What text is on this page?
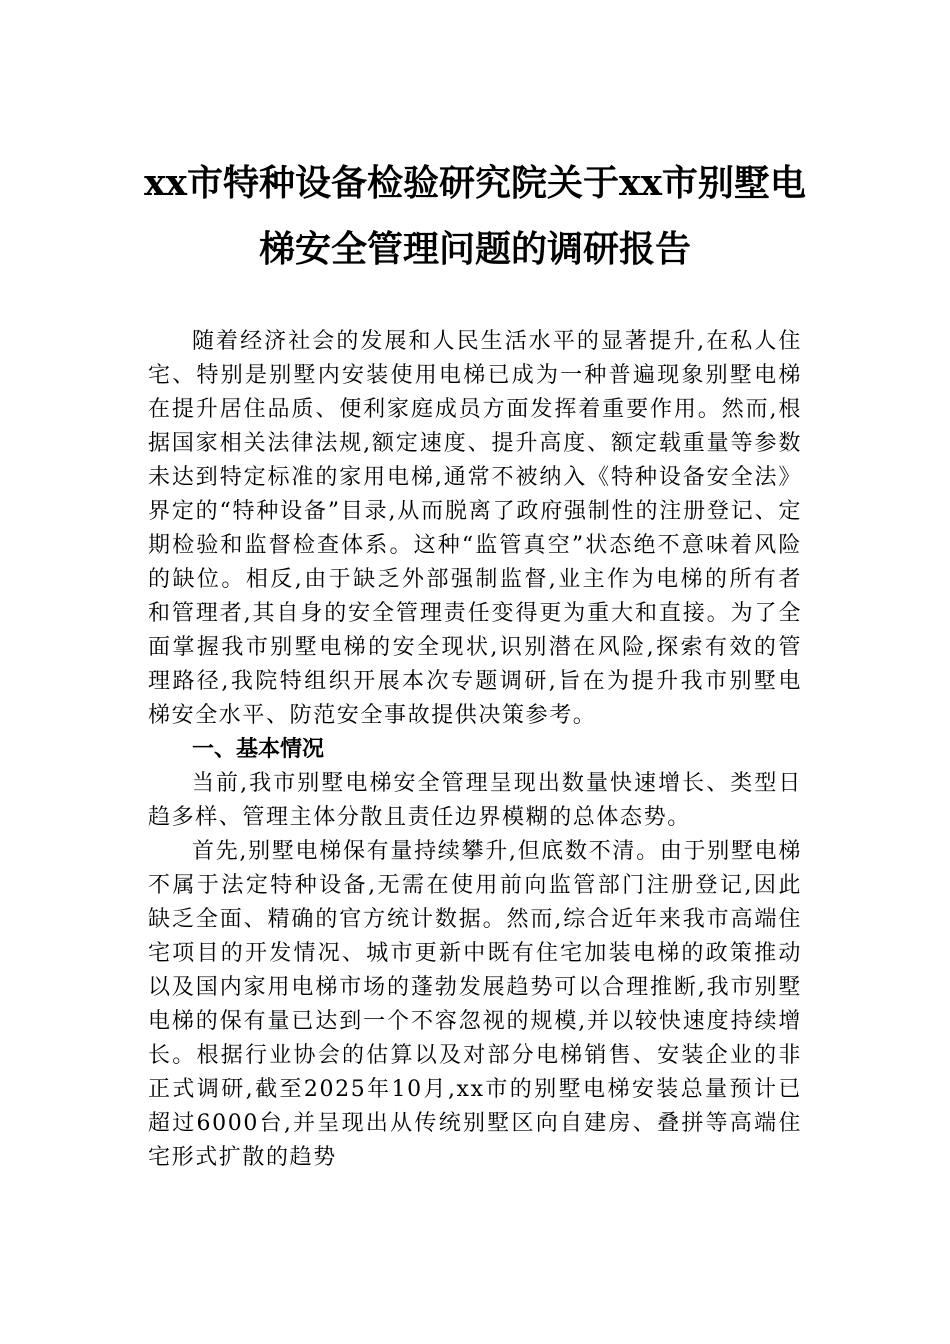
xx市特种设备检验研究院关于xx市别墅电
梯安全管理问题的调研报告

随着经济社会的发展和人民生活水平的显著提升,在私人住宅、特别是别墅内安装使用电梯已成为一种普遍现象别墅电梯在提升居住品质、便利家庭成员方面发挥着重要作用。然而,根据国家相关法律法规,额定速度、提升高度、额定载重量等参数未达到特定标准的家用电梯,通常不被纳入《特种设备安全法》界定的“特种设备”目录,从而脱离了政府强制性的注册登记、定期检验和监督检查体系。这种“监管真空”状态绝不意味着风险的缺位。相反,由于缺乏外部强制监督,业主作为电梯的所有者和管理者,其自身的安全管理责任变得更为重大和直接。为了全面掌握我市别墅电梯的安全现状,识别潜在风险,探索有效的管理路径,我院特组织开展本次专题调研,旨在为提升我市别墅电梯安全水平、防范安全事故提供决策参考。

一、基本情况

当前,我市别墅电梯安全管理呈现出数量快速增长、类型日趋多样、管理主体分散且责任边界模糊的总体态势。

首先,别墅电梯保有量持续攀升,但底数不清。由于别墅电梯不属于法定特种设备,无需在使用前向监管部门注册登记,因此缺乏全面、精确的官方统计数据。然而,综合近年来我市高端住宅项目的开发情况、城市更新中既有住宅加装电梯的政策推动以及国内家用电梯市场的蓬勃发展趋势可以合理推断,我市别墅电梯的保有量已达到一个不容忽视的规模,并以较快速度持续增长。根据行业协会的估算以及对部分电梯销售、安装企业的非正式调研,截至2025年10月,xx市的别墅电梯安装总量预计已超过6000台,并呈现出从传统别墅区向自建房、叠拼等高端住宅形式扩散的趋势
